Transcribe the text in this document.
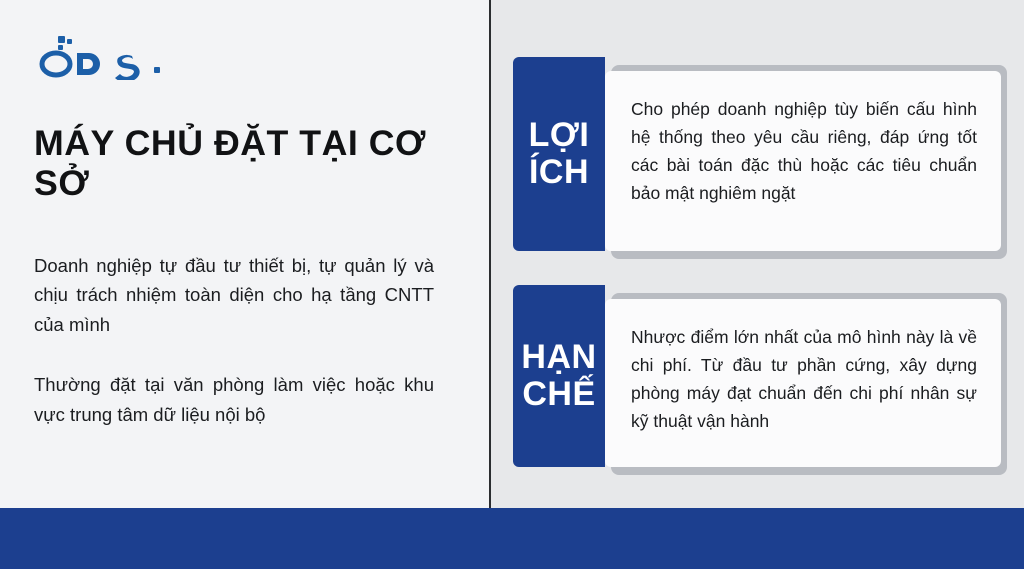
MÁY CHỦ ĐẶT TẠI CƠ SỞ

Doanh nghiệp tự đầu tư thiết bị, tự quản lý và chịu trách nhiệm toàn diện cho hạ tầng CNTT của mình

Thường đặt tại văn phòng làm việc hoặc khu vực trung tâm dữ liệu nội bộ

LỢI
ÍCH
Cho phép doanh nghiệp tùy biến cấu hình hệ thống theo yêu cầu riêng, đáp ứng tốt các bài toán đặc thù hoặc các tiêu chuẩn bảo mật nghiêm ngặt
HẠN
CHẾ
Nhược điểm lớn nhất của mô hình này là về chi phí. Từ đầu tư phần cứng, xây dựng phòng máy đạt chuẩn đến chi phí nhân sự kỹ thuật vận hành
